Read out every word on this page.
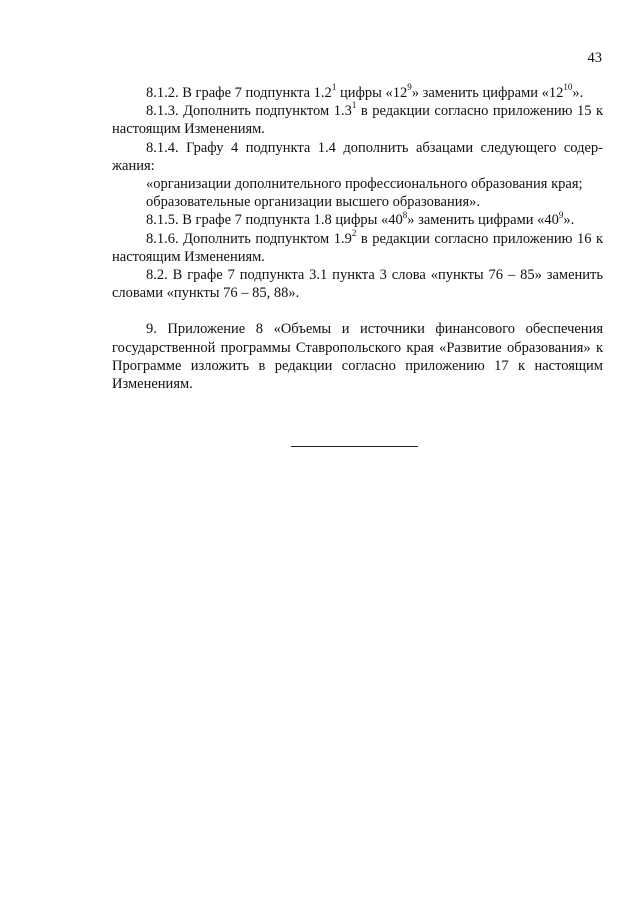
43

8.1.2. В графе 7 подпункта $1.2^1$ цифры «$12^9$» заменить цифрами «$12^{10}$».

8.1.3. Дополнить подпунктом $1.3^1$ в редакции согласно приложению 15 к настоящим Изменениям.

8.1.4. Графу 4 подпункта 1.4 дополнить абзацами следующего содер-жания:

«организации дополнительного профессионального образования края;

образовательные организации высшего образования».

8.1.5. В графе 7 подпункта 1.8 цифры «$40^8$» заменить цифрами «$40^9$».

8.1.6. Дополнить подпунктом $1.9^2$ в редакции согласно приложению 16 к настоящим Изменениям.

8.2. В графе 7 подпункта 3.1 пункта 3 слова «пункты 76 – 85» заменить словами «пункты 76 – 85, 88».

9. Приложение 8 «Объемы и источники финансового обеспечения государственной программы Ставропольского края «Развитие образования» к Программе изложить в редакции согласно приложению 17 к настоящим Изменениям.
